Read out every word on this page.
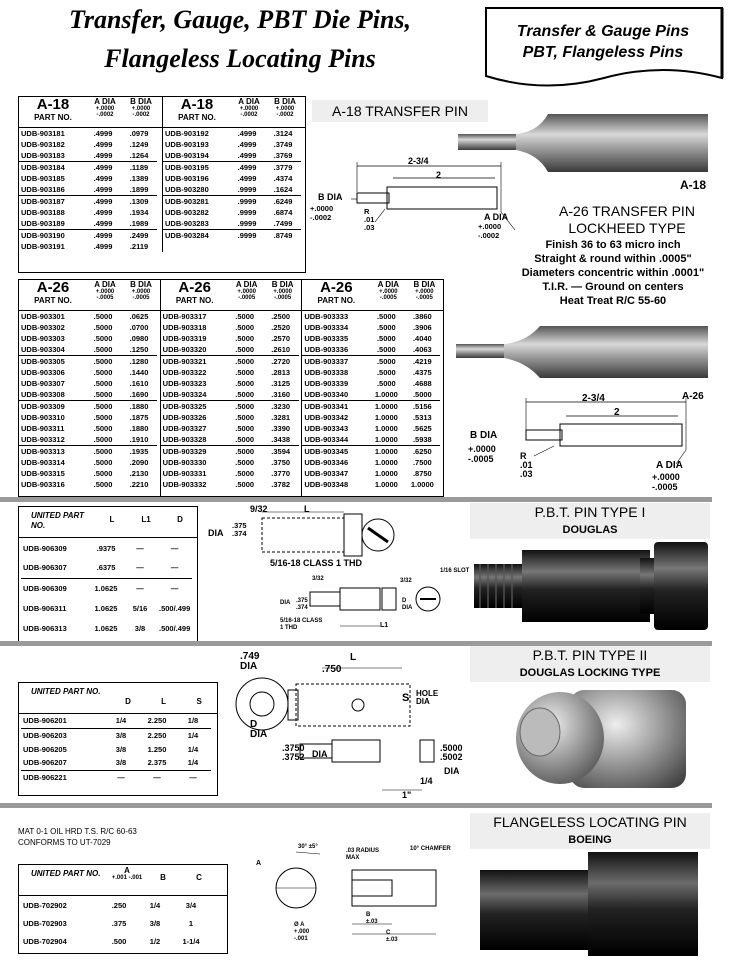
Transfer, Gauge, PBT Die Pins,
Flangeless Locating Pins
Transfer & Gauge Pins
PBT, Flangeless Pins
A-18
PART NO.
A DIA
+.0000 -.0002
B DIA
+.0000 -.0002
UDB-903181	.4999	.0979
UDB-903182	.4999	.1249
UDB-903183	.4999	.1264
UDB-903184	.4999	.1189
UDB-903185	.4999	.1389
UDB-903186	.4999	.1899
UDB-903187	.4999	.1309
UDB-903188	.4999	.1934
UDB-903189	.4999	.1989
UDB-903190	.4999	.2499
UDB-903191	.4999	.2119
A-18
PART NO.
A DIA
+.0000 -.0002
B DIA
+.0000 -.0002
UDB-903192	.4999	.3124
UDB-903193	.4999	.3749
UDB-903194	.4999	.3769
UDB-903195	.4999	.3779
UDB-903196	.4999	.4374
UDB-903280	.9999	.1624
UDB-903281	.9999	.6249
UDB-903282	.9999	.6874
UDB-903283	.9999	.7499
UDB-903284	.9999	.8749
A-18 TRANSFER PIN
A-18
2-3/4
2
B DIA
+.0000 -.0002
R
.01
.03
A DIA
+.0000 -.0002
A-26 TRANSFER PIN
LOCKHEED TYPE
Finish 36 to 63 micro inch
Straight & round within .0005"
Diameters concentric within .0001"
T.I.R. — Ground on centers
Heat Treat R/C 55-60
A-26
PART NO.
A DIA
+.0000 -.0005
B DIA
+.0000 -.0005
UDB-903301	.5000	.0625
UDB-903302	.5000	.0700
UDB-903303	.5000	.0980
UDB-903304	.5000	.1250
UDB-903305	.5000	.1280
UDB-903306	.5000	.1440
UDB-903307	.5000	.1610
UDB-903308	.5000	.1690
UDB-903309	.5000	.1880
UDB-903310	.5000	.1875
UDB-903311	.5000	.1880
UDB-903312	.5000	.1910
UDB-903313	.5000	.1935
UDB-903314	.5000	.2090
UDB-903315	.5000	.2130
UDB-903316	.5000	.2210
A-26
PART NO.
A DIA
+.0000 -.0005
B DIA
+.0000 -.0005
UDB-903317	.5000	.2500
UDB-903318	.5000	.2520
UDB-903319	.5000	.2570
UDB-903320	.5000	.2610
UDB-903321	.5000	.2720
UDB-903322	.5000	.2813
UDB-903323	.5000	.3125
UDB-903324	.5000	.3160
UDB-903325	.5000	.3230
UDB-903326	.5000	.3281
UDB-903327	.5000	.3390
UDB-903328	.5000	.3438
UDB-903329	.5000	.3594
UDB-903330	.5000	.3750
UDB-903331	.5000	.3770
UDB-903332	.5000	.3782
A-26
PART NO.
A DIA
+.0000 -.0005
B DIA
+.0000 -.0005
UDB-903333	.5000	.3860
UDB-903334	.5000	.3906
UDB-903335	.5000	.4040
UDB-903336	.5000	.4063
UDB-903337	.5000	.4219
UDB-903338	.5000	.4375
UDB-903339	.5000	.4688
UDB-903340	1.0000	.5000
UDB-903341	1.0000	.5156
UDB-903342	1.0000	.5313
UDB-903343	1.0000	.5625
UDB-903344	1.0000	.5938
UDB-903345	1.0000	.6250
UDB-903346	1.0000	.7500
UDB-903347	1.0000	.8750
UDB-903348	1.0000	1.0000
2-3/4	A-26
2
B DIA
+.0000 -.0005	R
.01
.03
A DIA
+.0000 -.0005
UNITED PART NO.
L	L1	D
UDB-906309	.9375	—	—
UDB-906307	.6375	—	—
UDB-906309	1.0625	—	—
UDB-906311	1.0625	5/16	.500/.499
UDB-906313	1.0625	3/8	.500/.499
P.B.T. PIN TYPE I
DOUGLAS
9/32	L
DIA
.375
.374
5/16-18 CLASS 1 THD
1/16 SLOT
3/32
3/32
D
DIA
L1
5/16-18 CLASS 1 THD
DIA .375
.374
UNITED PART NO.
D	L	S
UDB-906201	1/4	2.250	1/8
UDB-906203	3/8	2.250	1/4
UDB-906205	3/8	1.250	1/4
UDB-906207	3/8	2.375	1/4
UDB-906221	—	—	—
P.B.T. PIN TYPE II
DOUGLAS LOCKING TYPE
.749
DIA	.750
L
S HOLE
DIA
D
DIA
.3750
.3752 DIA
.5000
.5002
DIA
1/4
1"
MAT 0-1 OIL HRD T.S. R/C 60-63
CONFORMS TO UT-7029
UNITED PART NO.	A
+.001 -.001	B	C
UDB-702902	.250	1/4	3/4
UDB-702903	.375	3/8	1
UDB-702904	.500	1/2	1-1/4
FLANGELESS LOCATING PIN
BOEING
30° ±5°
.03 RADIUS MAX
10° CHAMFER
A
Ø A
+.000 -.001
B
±.03
C
±.03
